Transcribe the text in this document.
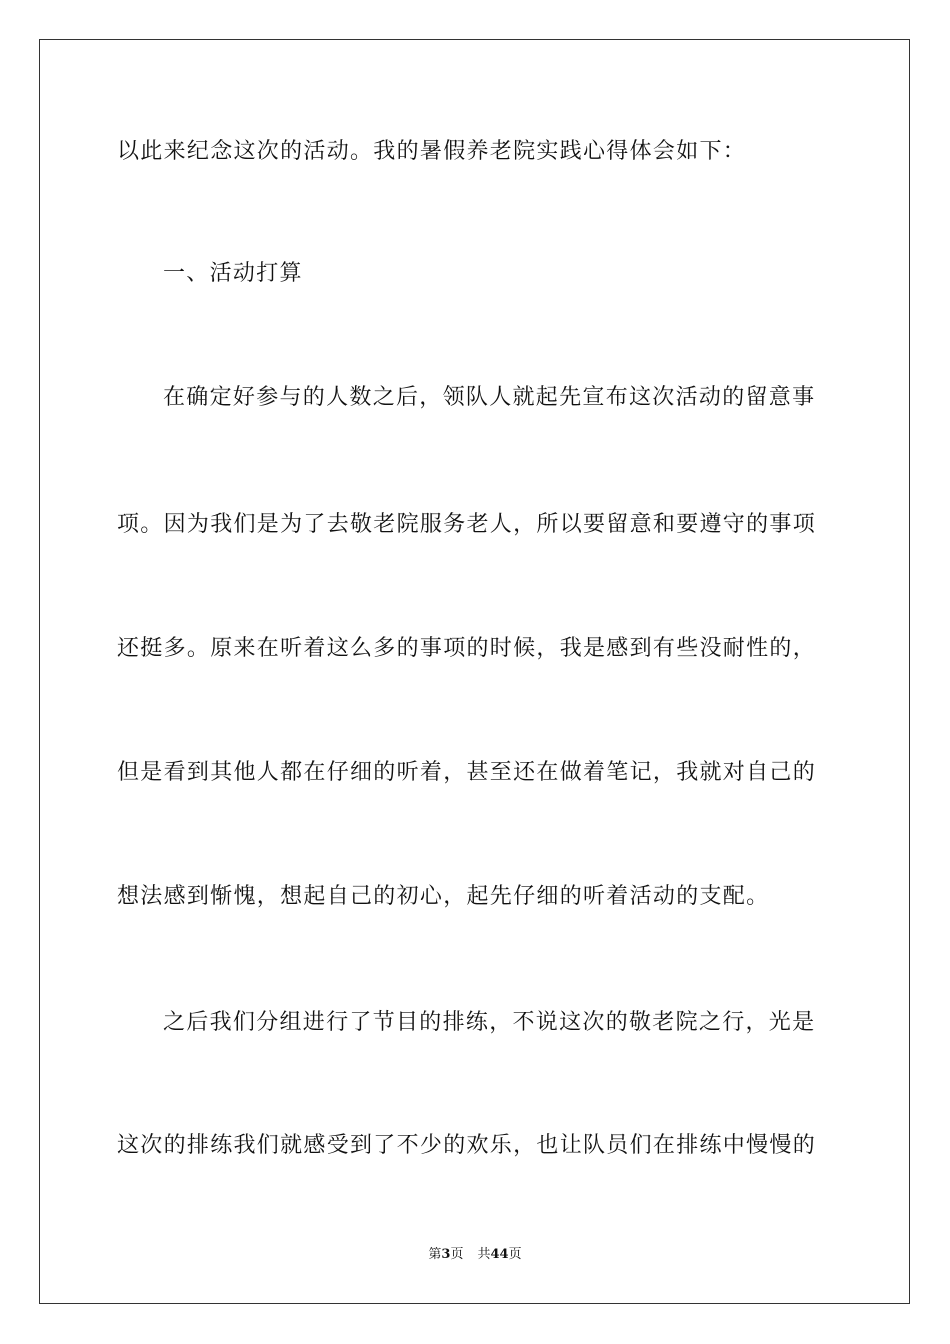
以此来纪念这次的活动。我的暑假养老院实践心得体会如下：
一、活动打算
在确定好参与的人数之后，领队人就起先宣布这次活动的留意事
项。因为我们是为了去敬老院服务老人，所以要留意和要遵守的事项
还挺多。原来在听着这么多的事项的时候，我是感到有些没耐性的，
但是看到其他人都在仔细的听着，甚至还在做着笔记，我就对自己的
想法感到惭愧，想起自己的初心，起先仔细的听着活动的支配。
之后我们分组进行了节目的排练，不说这次的敬老院之行，光是
这次的排练我们就感受到了不少的欢乐，也让队员们在排练中慢慢的
第3页 共44页
